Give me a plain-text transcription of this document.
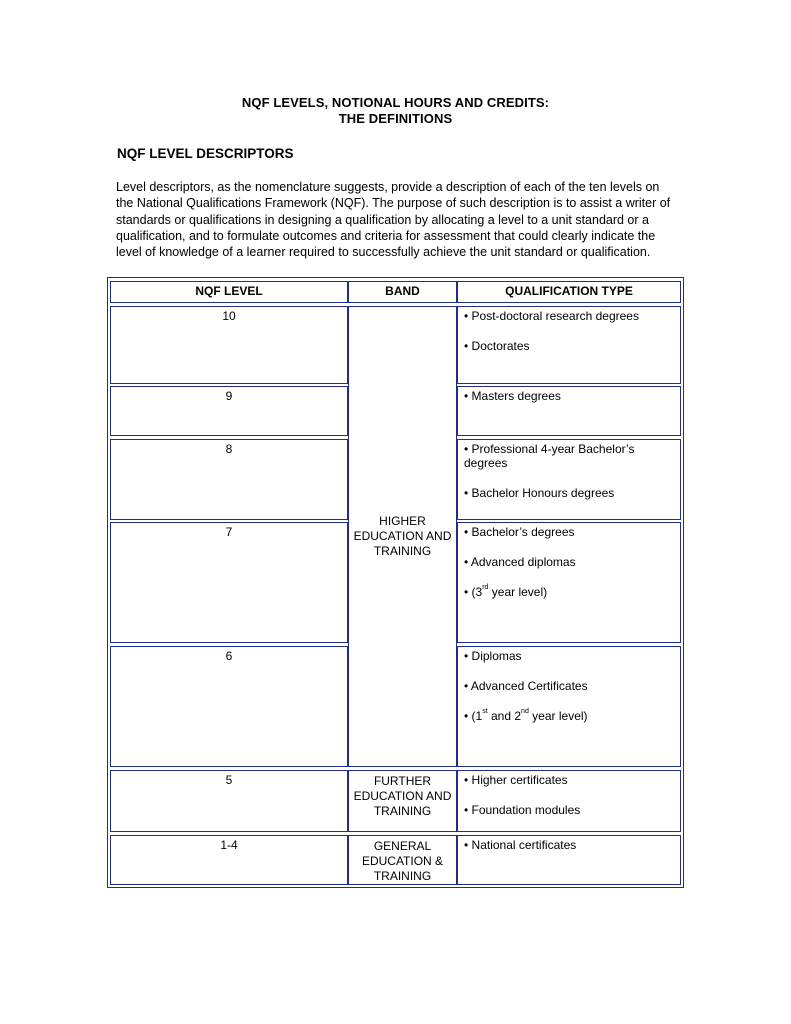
NQF LEVELS, NOTIONAL HOURS AND CREDITS:
THE DEFINITIONS
NQF LEVEL DESCRIPTORS

Level descriptors, as the nomenclature suggests, provide a description of each of the ten levels on the National Qualifications Framework (NQF). The purpose of such description is to assist a writer of standards or qualifications in designing a qualification by allocating a level to a unit standard or a qualification, and to formulate outcomes and criteria for assessment that could clearly indicate the level of knowledge of a learner required to successfully achieve the unit standard or qualification.

NQF LEVEL	BAND	QUALIFICATION TYPE
10
9
8
7
6
5
1-4
HIGHER EDUCATION AND TRAINING
FURTHER EDUCATION AND TRAINING
GENERAL EDUCATION & TRAINING
• Post-doctoral research degrees
• Doctorates
• Masters degrees
• Professional 4-year Bachelor’s degrees
• Bachelor Honours degrees
• Bachelor’s degrees
• Advanced diplomas
• (3rd year level)
• Diplomas
• Advanced Certificates
• (1st and 2nd year level)
• Higher certificates
• Foundation modules
• National certificates
